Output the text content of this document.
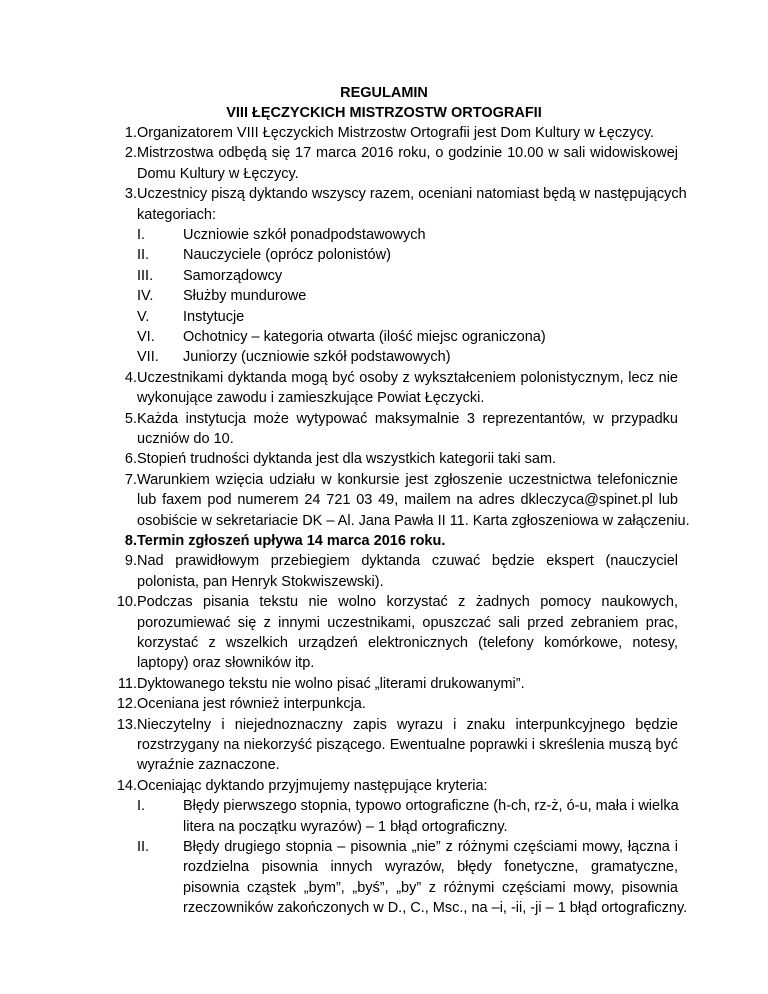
REGULAMIN
VIII ŁĘCZYCKICH MISTRZOSTW ORTOGRAFII
1. Organizatorem VIII Łęczyckich Mistrzostw Ortografii jest Dom Kultury w Łęczycy.
2. Mistrzostwa odbędą się 17 marca 2016 roku, o godzinie 10.00 w sali widowiskowej
Domu Kultury w Łęczycy.
3. Uczestnicy piszą dyktando wszyscy razem, oceniani natomiast będą w następujących
kategoriach:
I.	Uczniowie szkół ponadpodstawowych
II. Nauczyciele (oprócz polonistów)
III. Samorządowcy
IV. Służby mundurowe
V. Instytucje
VI. Ochotnicy – kategoria otwarta (ilość miejsc ograniczona)
VII. Juniorzy (uczniowie szkół podstawowych)
4. Uczestnikami dyktanda mogą być osoby z wykształceniem polonistycznym, lecz nie
wykonujące zawodu i zamieszkujące Powiat Łęczycki.
5. Każda instytucja może wytypować maksymalnie 3 reprezentantów, w przypadku
uczniów do 10.
6. Stopień trudności dyktanda jest dla wszystkich kategorii taki sam.
7. Warunkiem wzięcia udziału w konkursie jest zgłoszenie uczestnictwa telefonicznie
lub faxem pod numerem 24 721 03 49, mailem na adres dkleczyca@spinet.pl lub
osobiście w sekretariacie DK – Al. Jana Pawła II 11. Karta zgłoszeniowa w załączeniu.
8. Termin zgłoszeń upływa 14 marca 2016 roku.
9. Nad prawidłowym przebiegiem dyktanda czuwać będzie ekspert (nauczyciel
polonista, pan Henryk Stokwiszewski).
10. Podczas pisania tekstu nie wolno korzystać z żadnych pomocy naukowych,
porozumiewać się z innymi uczestnikami, opuszczać sali przed zebraniem prac,
korzystać z wszelkich urządzeń elektronicznych (telefony komórkowe, notesy,
laptopy) oraz słowników itp.
11. Dyktowanego tekstu nie wolno pisać „literami drukowanymi”.
12. Oceniana jest również interpunkcja.
13. Nieczytelny i niejednoznaczny zapis wyrazu i znaku interpunkcyjnego będzie
rozstrzygany na niekorzyść piszącego. Ewentualne poprawki i skreślenia muszą być
wyraźnie zaznaczone.
14. Oceniając dyktando przyjmujemy następujące kryteria:
I.	Błędy pierwszego stopnia, typowo ortograficzne (h-ch, rz-ż, ó-u, mała i wielka
litera na początku wyrazów) – 1 błąd ortograficzny.
II. Błędy drugiego stopnia – pisownia „nie” z różnymi częściami mowy, łączna i
rozdzielna pisownia innych wyrazów, błędy fonetyczne, gramatyczne,
pisownia cząstek „bym”, „byś”, „by” z różnymi częściami mowy, pisownia
rzeczowników zakończonych w D., C., Msc., na –i, -ii, -ji – 1 błąd ortograficzny.
